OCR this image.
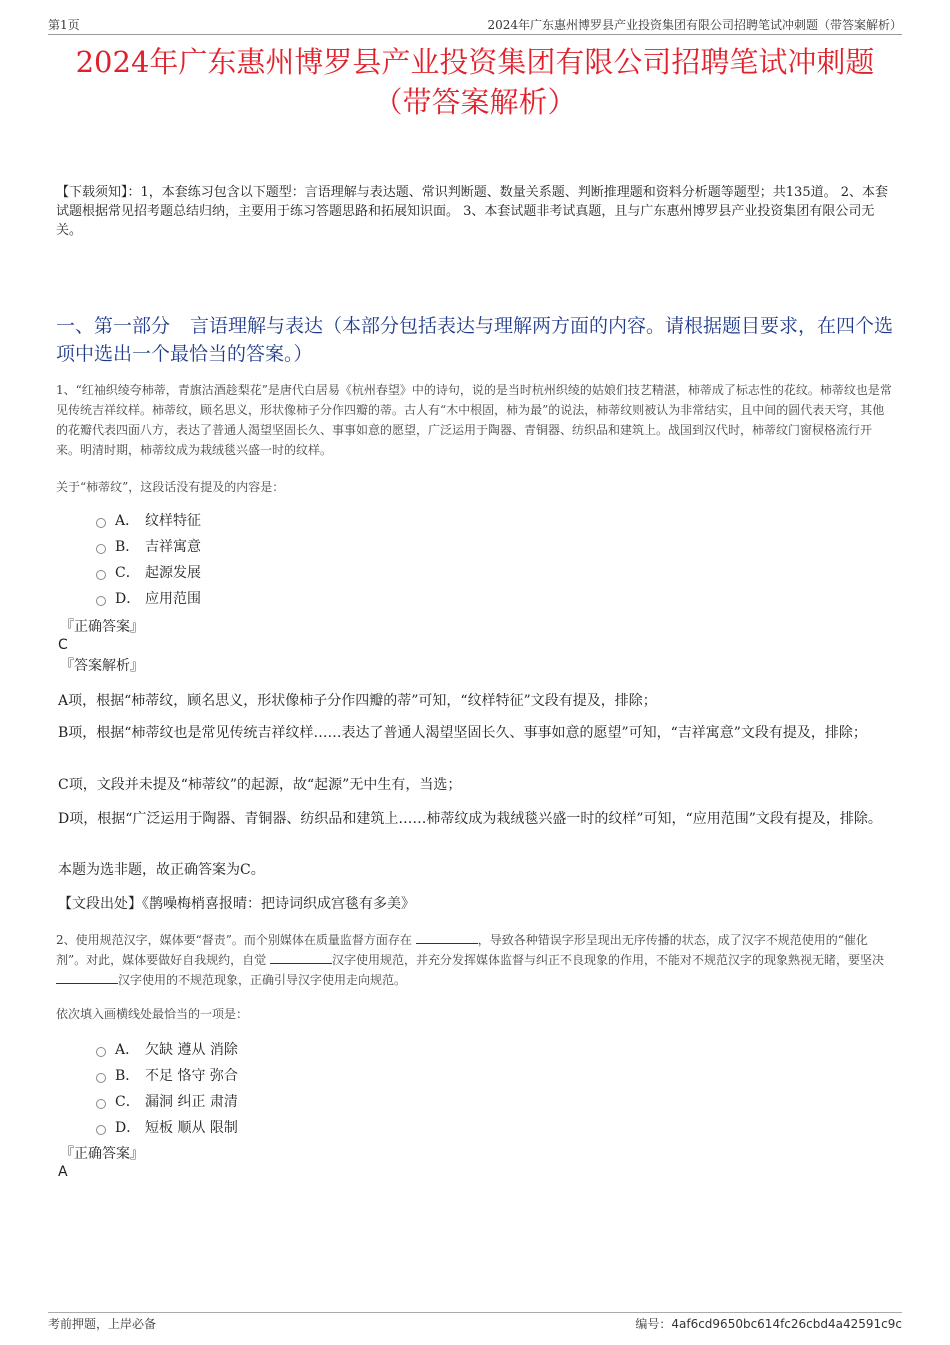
第1页	2024年广东惠州博罗县产业投资集团有限公司招聘笔试冲刺题（带答案解析）
2024年广东惠州博罗县产业投资集团有限公司招聘笔试冲刺题
（带答案解析）
【下载须知】：1，本套练习包含以下题型：言语理解与表达题、常识判断题、数量关系题、判断推理题和资料分析题等题型；共135道。 2、本套试题根据常见招考题总结归纳，主要用于练习答题思路和拓展知识面。 3、本套试题非考试真题，且与广东惠州博罗县产业投资集团有限公司无关。
一、第一部分 言语理解与表达（本部分包括表达与理解两方面的内容。请根据题目要求，在四个选项中选出一个最恰当的答案。）
1、“红袖织绫夸柿蒂，青旗沽酒趁梨花”是唐代白居易《杭州春望》中的诗句，说的是当时杭州织绫的姑娘们技艺精湛，柿蒂成了标志性的花纹。柿蒂纹也是常见传统吉祥纹样。柿蒂纹，顾名思义，形状像柿子分作四瓣的蒂。古人有“木中根固，柿为最”的说法，柿蒂纹则被认为非常结实，且中间的圆代表天穹，其他的花瓣代表四面八方，表达了普通人渴望坚固长久、事事如意的愿望，广泛运用于陶器、青铜器、纺织品和建筑上。战国到汉代时，柿蒂纹门窗棂格流行开来。明清时期，柿蒂纹成为栽绒毯兴盛一时的纹样。
关于“柿蒂纹”，这段话没有提及的内容是：
A． 纹样特征
B． 吉祥寓意
C． 起源发展
D． 应用范围
『正确答案』
C
『答案解析』
A项，根据“柿蒂纹，顾名思义，形状像柿子分作四瓣的蒂”可知，“纹样特征”文段有提及，排除；
B项，根据“柿蒂纹也是常见传统吉祥纹样……表达了普通人渴望坚固长久、事事如意的愿望”可知，“吉祥寓意”文段有提及，排除；
C项，文段并未提及“柿蒂纹”的起源，故“起源”无中生有，当选；
D项，根据“广泛运用于陶器、青铜器、纺织品和建筑上……柿蒂纹成为栽绒毯兴盛一时的纹样”可知，“应用范围”文段有提及，排除。
本题为选非题，故正确答案为C。
【文段出处】《鹊噪梅梢喜报晴：把诗词织成宫毯有多美》
2、使用规范汉字，媒体要“督责”。而个别媒体在质量监督方面存在	，导致各种错误字形呈现出无序传播的状态，成了汉字不规范使用的“催化剂”。对此，媒体要做好自我规约，自觉	汉字使用规范，并充分发挥媒体监督与纠正不良现象的作用，不能对不规范汉字的现象熟视无睹，要坚决 汉字使用的不规范现象，正确引导汉字使用走向规范。
依次填入画横线处最恰当的一项是：
A． 欠缺 遵从 消除
B． 不足 恪守 弥合
C． 漏洞 纠正 肃清
D． 短板 顺从 限制
『正确答案』
A
考前押题，上岸必备	编号：4af6cd9650bc614fc26cbd4a42591c9c
